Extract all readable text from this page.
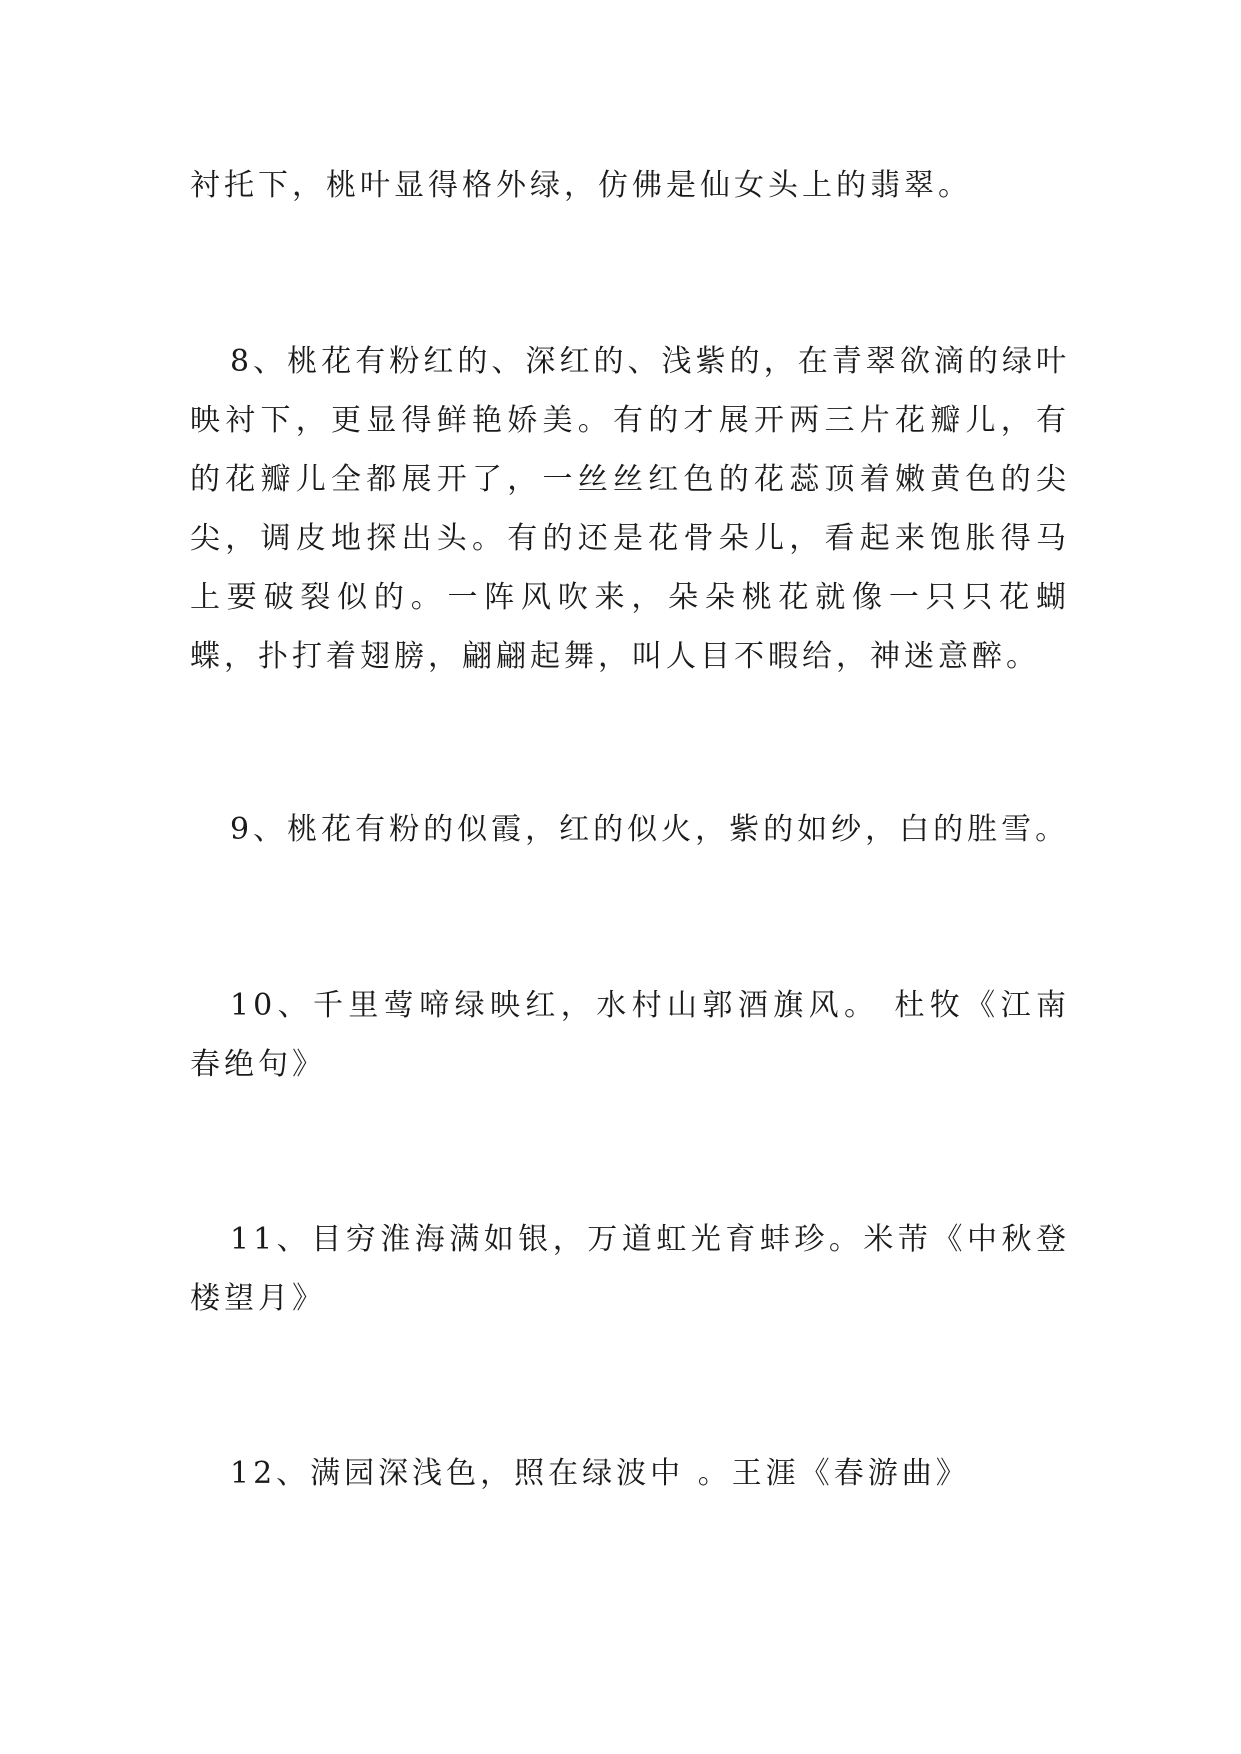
衬托下，桃叶显得格外绿，仿佛是仙女头上的翡翠。

8、桃花有粉红的、深红的、浅紫的，在青翠欲滴的绿叶映衬下，更显得鲜艳娇美。有的才展开两三片花瓣儿，有的花瓣儿全都展开了，一丝丝红色的花蕊顶着嫩黄色的尖尖，调皮地探出头。有的还是花骨朵儿，看起来饱胀得马上要破裂似的。一阵风吹来，朵朵桃花就像一只只花蝴蝶，扑打着翅膀，翩翩起舞，叫人目不暇给，神迷意醉。

9、桃花有粉的似霞，红的似火，紫的如纱，白的胜雪。

10、千里莺啼绿映红，水村山郭酒旗风。 杜牧《江南春绝句》

11、目穷淮海满如银，万道虹光育蚌珍。米芾《中秋登楼望月》

12、满园深浅色，照在绿波中 。王涯《春游曲》
